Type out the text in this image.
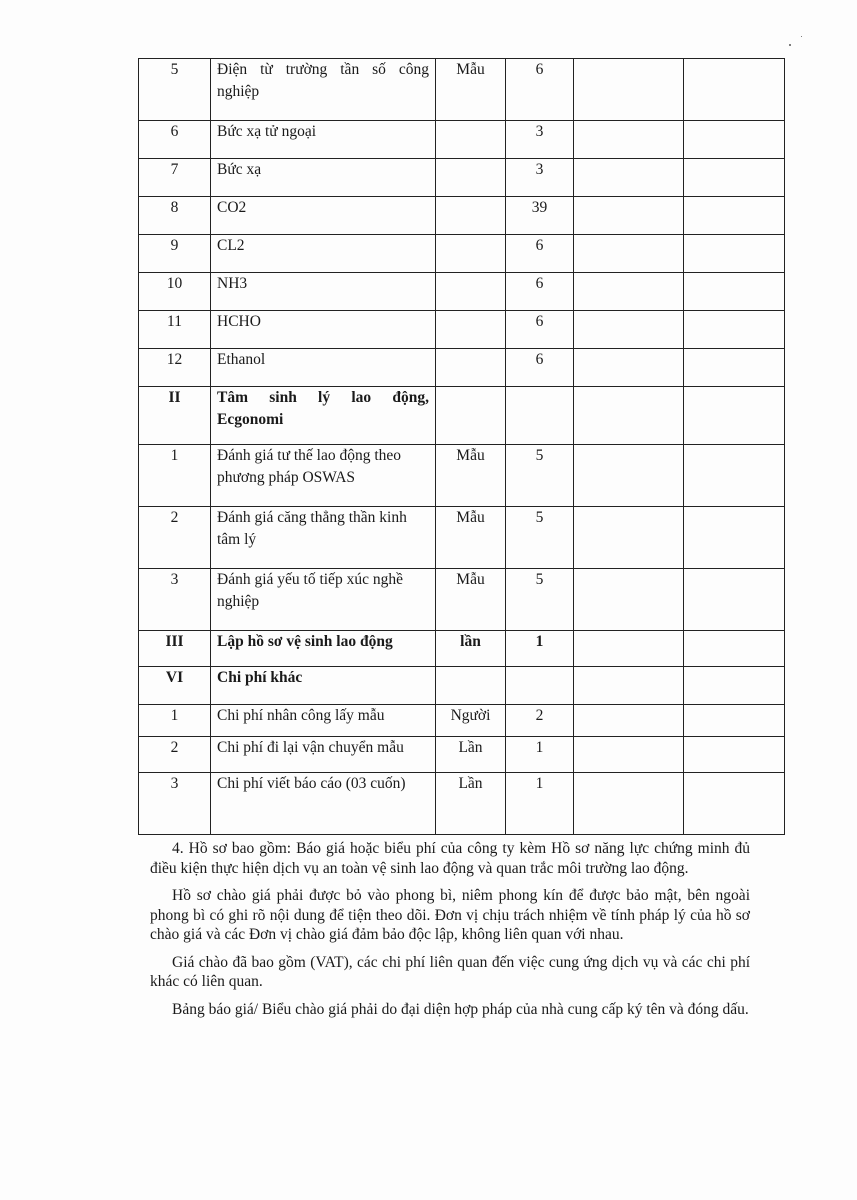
5	Điện từ trường tần số công nghiệp	Mẫu	6		
6	Bức xạ tử ngoại		3		
7	Bức xạ		3		
8	CO2		39		
9	CL2		6		
10	NH3		6		
11	HCHO		6		
12	Ethanol		6		
II	Tâm sinh lý lao động, Ecgonomi				
1	Đánh giá tư thế lao động theo phương pháp OSWAS	Mẫu	5		
2	Đánh giá căng thẳng thần kinh tâm lý	Mẫu	5		
3	Đánh giá yếu tố tiếp xúc nghề nghiệp	Mẫu	5		
III	Lập hồ sơ vệ sinh lao động	lần	1		
VI	Chi phí khác				
1	Chi phí nhân công lấy mẫu	Người	2		
2	Chi phí đi lại vận chuyển mẫu	Lần	1		
3	Chi phí viết báo cáo (03 cuốn)	Lần	1		

4. Hồ sơ bao gồm: Báo giá hoặc biểu phí của công ty kèm Hồ sơ năng lực chứng minh đủ điều kiện thực hiện dịch vụ an toàn vệ sinh lao động và quan trắc môi trường lao động.

Hồ sơ chào giá phải được bỏ vào phong bì, niêm phong kín để được bảo mật, bên ngoài phong bì có ghi rõ nội dung để tiện theo dõi. Đơn vị chịu trách nhiệm về tính pháp lý của hồ sơ chào giá và các Đơn vị chào giá đảm bảo độc lập, không liên quan với nhau.

Giá chào đã bao gồm (VAT), các chi phí liên quan đến việc cung ứng dịch vụ và các chi phí khác có liên quan.

Bảng báo giá/ Biểu chào giá phải do đại diện hợp pháp của nhà cung cấp ký tên và đóng dấu.
